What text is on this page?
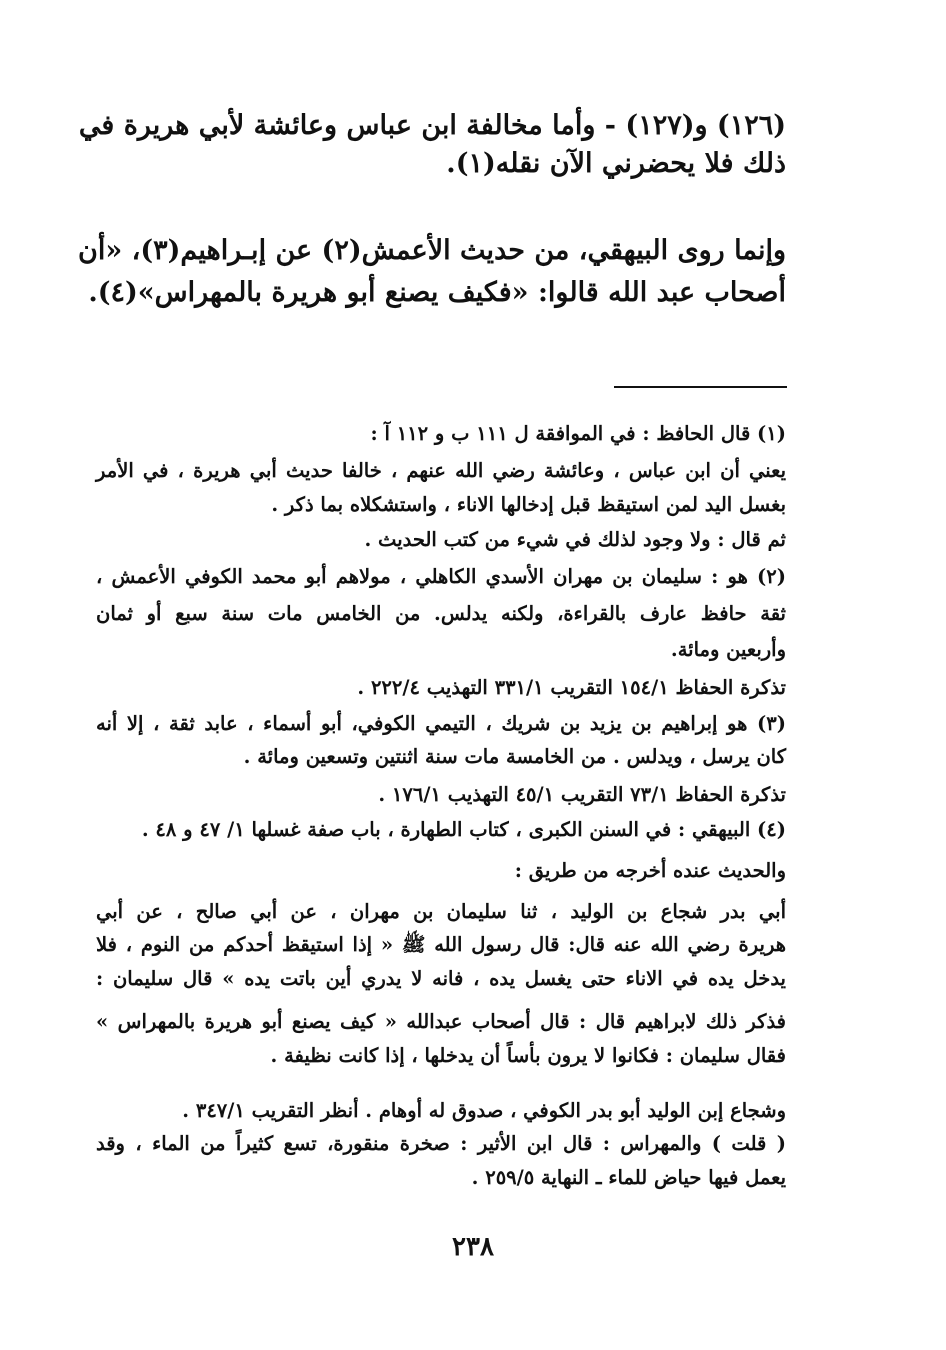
(١٢٦) و(١٢٧) - وأما مخالفة ابن عباس وعائشة لأبي هريرة في
ذلك فلا يحضرني الآن نقله(١).
وإنما روى البيهقي، من حديث الأعمش(٢) عن إبـراهيم(٣)، «أن
أصحاب عبد الله قالوا: «فكيف يصنع أبو هريرة بالمهراس»(٤).
(١) قال الحافظ : في الموافقة ل ١١١ ب و ١١٢ آ :
يعني أن ابن عباس ، وعائشة رضي الله عنهم ، خالفا حديث أبي هريرة ، في الأمر
بغسل اليد لمن استيقظ قبل إدخالها الاناء ، واستشكلاه بما ذكر .
ثم قال : ولا وجود لذلك في شيء من كتب الحديث .
(٢) هو : سليمان بن مهران الأسدي الكاهلي ، مولاهم أبو محمد الكوفي الأعمش ،
ثقة حافظ عارف بالقراءة، ولكنه يدلس. من الخامس مات سنة سبع أو ثمان
وأربعين ومائة.
تذكرة الحفاظ ١٥٤/١ التقريب ٣٣١/١ التهذيب ٢٢٢/٤ .
(٣) هو إبراهيم بن يزيد بن شريك ، التيمي الكوفي، أبو أسماء ، عابد ثقة ، إلا أنه
كان يرسل ، ويدلس . من الخامسة مات سنة اثنتين وتسعين ومائة .
تذكرة الحفاظ ٧٣/١ التقريب ٤٥/١ التهذيب ١٧٦/١ .
(٤) البيهقي : في السنن الكبرى ، كتاب الطهارة ، باب صفة غسلها ١/ ٤٧ و ٤٨ .
والحديث عنده أخرجه من طريق :
أبي بدر شجاع بن الوليد ، ثنا سليمان بن مهران ، عن أبي صالح ، عن أبي
هريرة رضي الله عنه قال: قال رسول الله ﷺ « إذا استيقظ أحدكم من النوم ، فلا
يدخل يده في الاناء حتى يغسل يده ، فانه لا يدري أين باتت يده » قال سليمان :
فذكر ذلك لابراهيم قال : قال أصحاب عبدالله « كيف يصنع أبو هريرة بالمهراس »
فقال سليمان : فكانوا لا يرون بأساً أن يدخلها ، إذا كانت نظيفة .
وشجاع إبن الوليد أبو بدر الكوفي ، صدوق له أوهام . أنظر التقريب ٣٤٧/١ .
( قلت ) والمهراس : قال ابن الأثير : صخرة منقورة، تسع كثيراً من الماء ، وقد
يعمل فيها حياض للماء ـ النهاية ٢٥٩/٥ .
٢٣٨
